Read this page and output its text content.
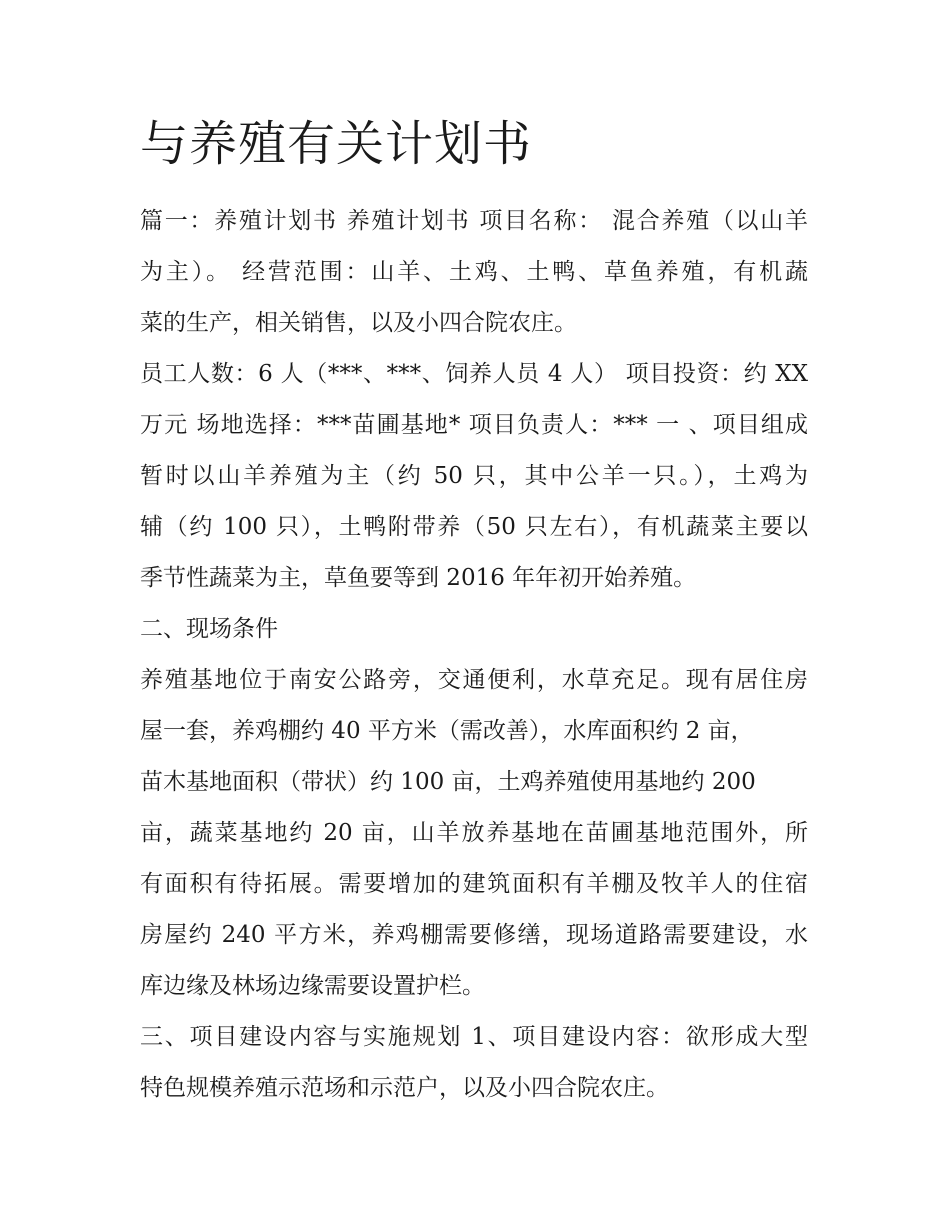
与养殖有关计划书
篇一：养殖计划书 养殖计划书 项目名称： 混合养殖（以山羊
为主）。 经营范围：山羊、土鸡、土鸭、草鱼养殖，有机蔬
菜的生产，相关销售，以及小四合院农庄。
员工人数：6 人（***、***、饲养人员 4 人） 项目投资：约 XX
万元 场地选择：***苗圃基地* 项目负责人：*** 一 、项目组成
暂时以山羊养殖为主（约 50 只，其中公羊一只。），土鸡为
辅（约 100 只），土鸭附带养（50 只左右），有机蔬菜主要以
季节性蔬菜为主，草鱼要等到 2016 年年初开始养殖。
二、现场条件
养殖基地位于南安公路旁，交通便利，水草充足。现有居住房
屋一套，养鸡棚约 40 平方米（需改善），水库面积约 2 亩，
苗木基地面积（带状）约 100 亩，土鸡养殖使用基地约 200
亩，蔬菜基地约 20 亩，山羊放养基地在苗圃基地范围外，所
有面积有待拓展。需要增加的建筑面积有羊棚及牧羊人的住宿
房屋约 240 平方米，养鸡棚需要修缮，现场道路需要建设，水
库边缘及林场边缘需要设置护栏。
三、项目建设内容与实施规划 1、项目建设内容：欲形成大型
特色规模养殖示范场和示范户，以及小四合院农庄。
